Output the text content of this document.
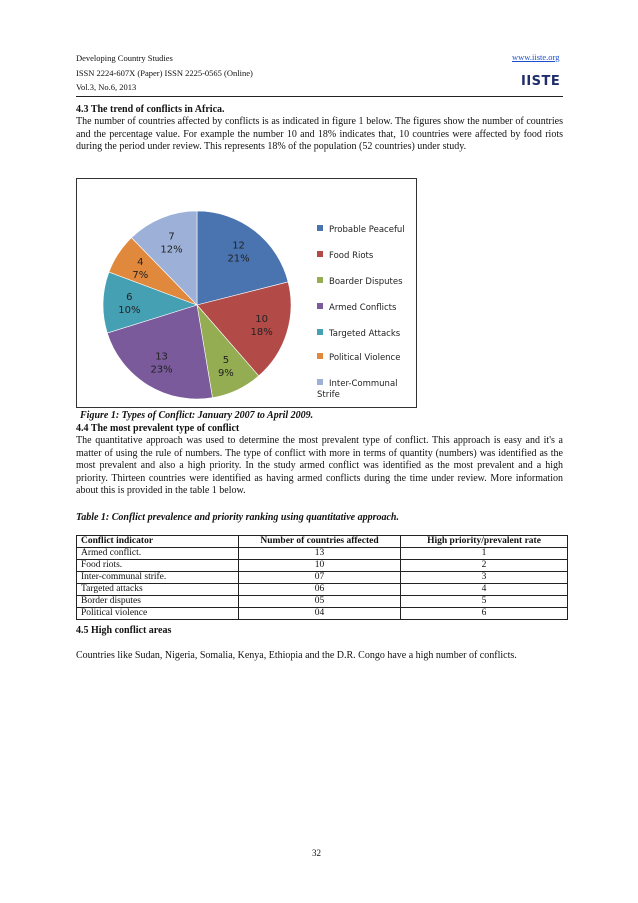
Developing Country Studies
ISSN 2224-607X (Paper) ISSN 2225-0565 (Online)
Vol.3, No.6, 2013
www.iiste.org
IISTE
4.3 The trend of conflicts in Africa.
The number of countries affected by conflicts is as indicated in figure 1 below. The figures show the number of countries and the percentage value. For example the number 10 and 18% indicates that, 10 countries were affected by food riots during the period under review. This represents 18% of the population (52 countries) under study.
12
21%
10
18%
5
9%
13
23%
6
10%
4
7%
7
12%
Probable Peaceful
Food Riots
Boarder Disputes
Armed Conflicts
Targeted Attacks
Political Violence
Inter-Communal Strife
Figure 1: Types of Conflict: January 2007 to April 2009.
4.4 The most prevalent type of conflict
The quantitative approach was used to determine the most prevalent type of conflict. This approach is easy and it's a matter of using the rule of numbers. The type of conflict with more in terms of quantity (numbers) was identified as the most prevalent and also a high priority. In the study armed conflict was identified as the most prevalent and a high priority. Thirteen countries were identified as having armed conflicts during the time under review. More information about this is provided in the table 1 below.
Table 1: Conflict prevalence and priority ranking using quantitative approach.
Conflict indicator	Number of countries affected	High priority/prevalent rate
Armed conflict.	13	1
Food riots.	10	2
Inter-communal strife.	07	3
Targeted attacks	06	4
Border disputes	05	5
Political violence	04	6
4.5 High conflict areas
Countries like Sudan, Nigeria, Somalia, Kenya, Ethiopia and the D.R. Congo have a high number of conflicts.
32
